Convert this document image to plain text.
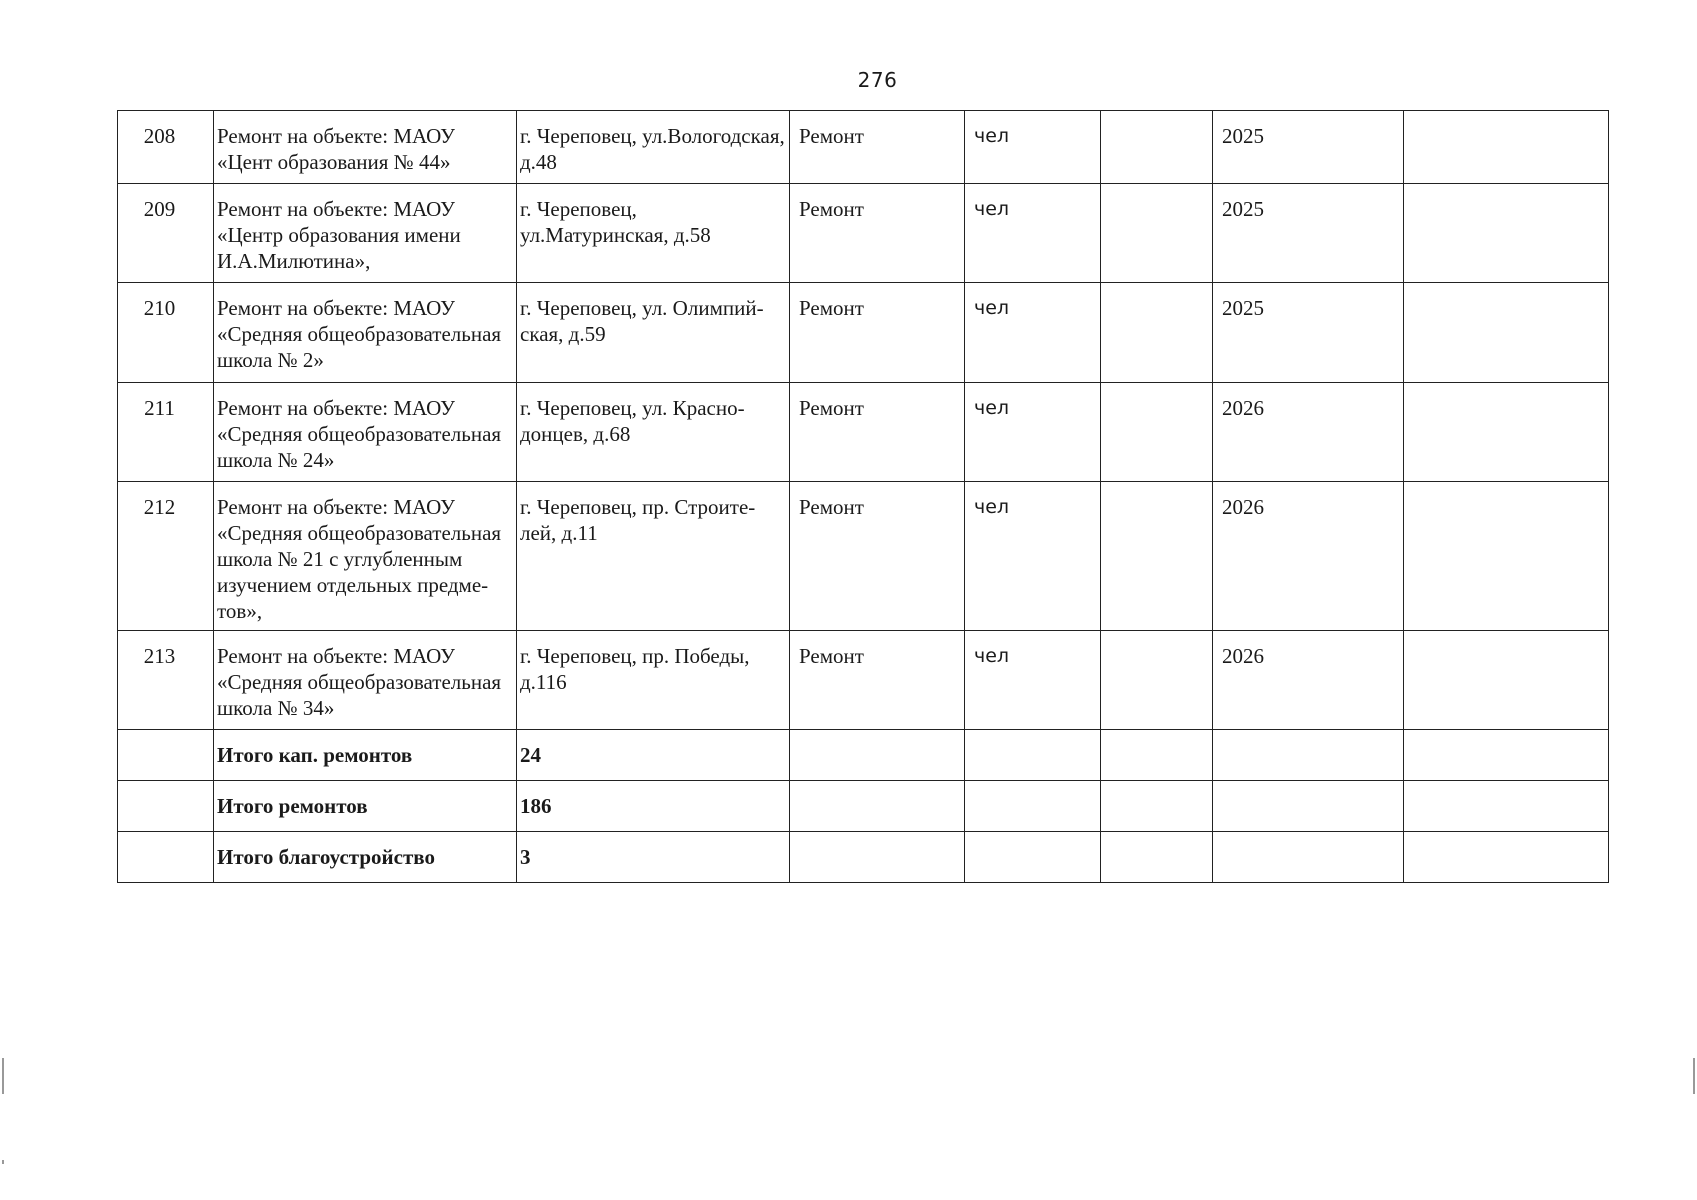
276
208	Ремонт на объекте: МАОУ «Цент образования № 44»	г. Череповец, ул.Вологодская, д.48	Ремонт	чел		2025	
209	Ремонт на объекте: МАОУ «Центр образования имени И.А.Милютина»,	г. Череповец, ул.Матуринская, д.58	Ремонт	чел		2025	
210	Ремонт на объекте: МАОУ «Средняя общеобразовательная школа № 2»	г. Череповец, ул. Олимпий-ская, д.59	Ремонт	чел		2025	
211	Ремонт на объекте: МАОУ «Средняя общеобразовательная школа № 24»	г. Череповец, ул. Красно-донцев, д.68	Ремонт	чел		2026	
212	Ремонт на объекте: МАОУ «Средняя общеобразовательная школа № 21 с углубленным изучением отдельных предме-тов»,	г. Череповец, пр. Строите-лей, д.11	Ремонт	чел		2026	
213	Ремонт на объекте: МАОУ «Средняя общеобразовательная школа № 34»	г. Череповец, пр. Победы, д.116	Ремонт	чел		2026	
	Итого кап. ремонтов	24					
	Итого ремонтов	186					
	Итого благоустройство	3					
